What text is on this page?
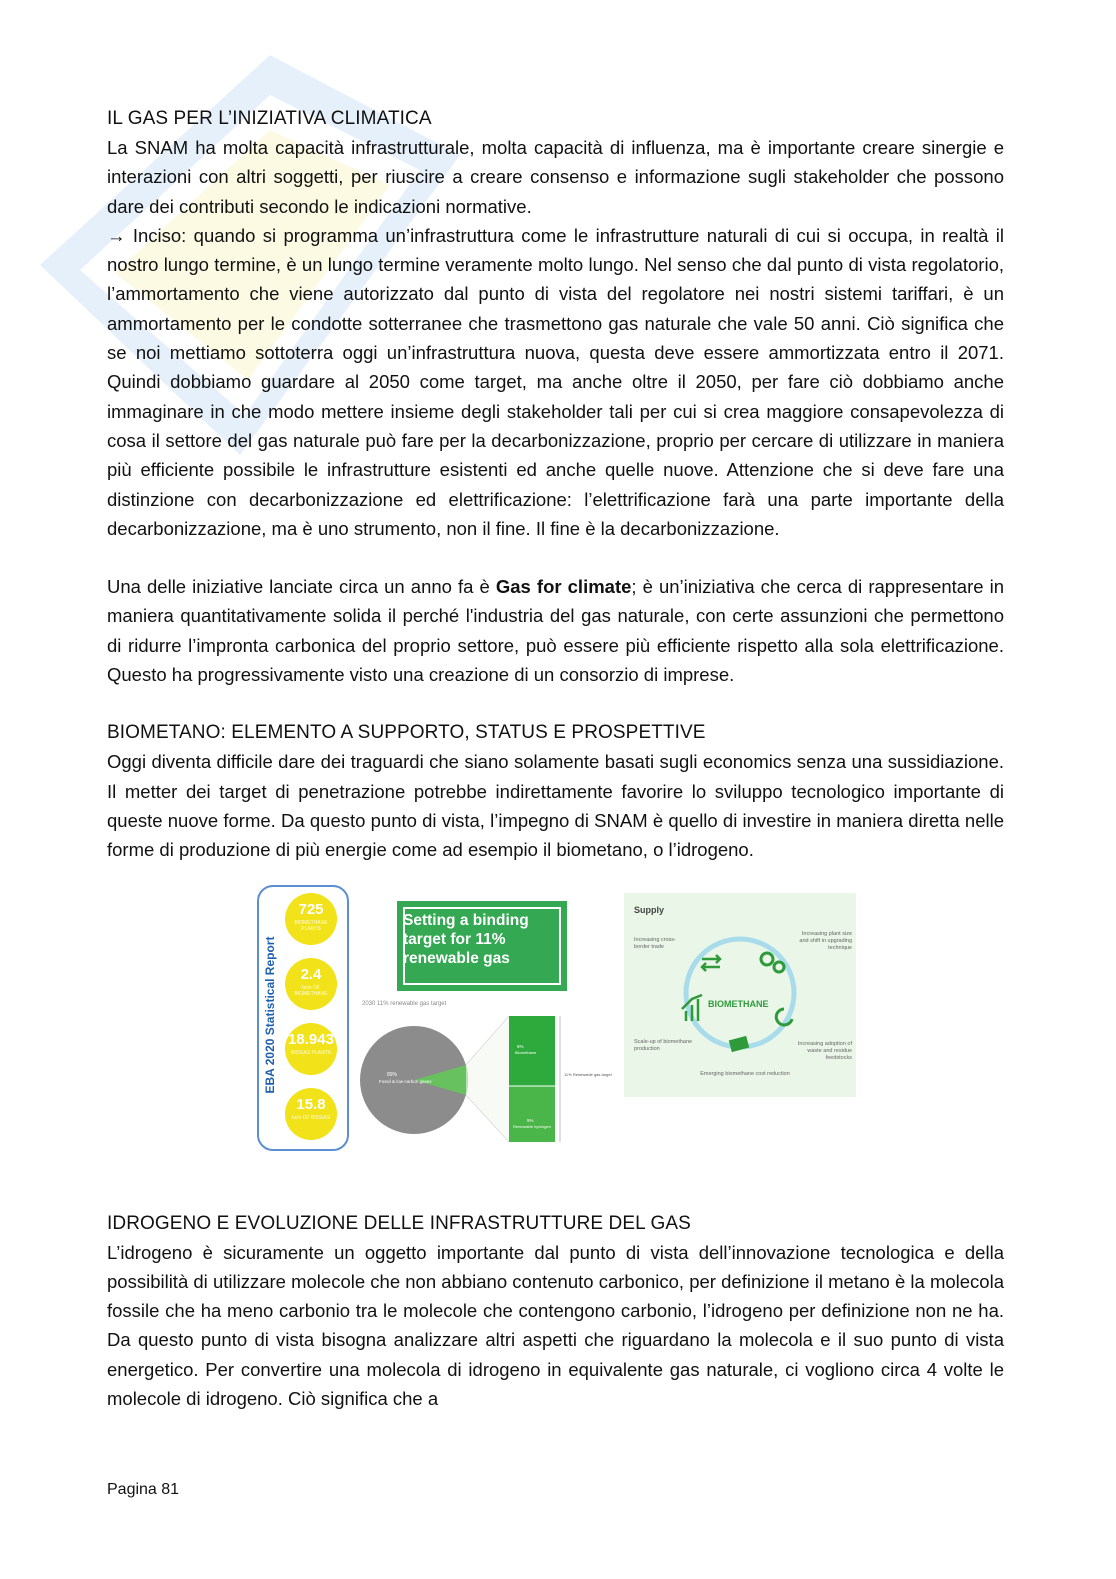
IL GAS PER L’INIZIATIVA CLIMATICA

La SNAM ha molta capacità infrastrutturale, molta capacità di influenza, ma è importante creare sinergie e interazioni con altri soggetti, per riuscire a creare consenso e informazione sugli stakeholder che possono dare dei contributi secondo le indicazioni normative.

→ Inciso: quando si programma un’infrastruttura come le infrastrutture naturali di cui si occupa, in realtà il nostro lungo termine, è un lungo termine veramente molto lungo. Nel senso che dal punto di vista regolatorio, l’ammortamento che viene autorizzato dal punto di vista del regolatore nei nostri sistemi tariffari, è un ammortamento per le condotte sotterranee che trasmettono gas naturale che vale 50 anni. Ciò significa che se noi mettiamo sottoterra oggi un’infrastruttura nuova, questa deve essere ammortizzata entro il 2071. Quindi dobbiamo guardare al 2050 come target, ma anche oltre il 2050, per fare ciò dobbiamo anche immaginare in che modo mettere insieme degli stakeholder tali per cui si crea maggiore consapevolezza di cosa il settore del gas naturale può fare per la decarbonizzazione, proprio per cercare di utilizzare in maniera più efficiente possibile le infrastrutture esistenti ed anche quelle nuove. Attenzione che si deve fare una distinzione con decarbonizzazione ed elettrificazione: l’elettrificazione farà una parte importante della decarbonizzazione, ma è uno strumento, non il fine. Il fine è la decarbonizzazione.

Una delle iniziative lanciate circa un anno fa è Gas for climate; è un’iniziativa che cerca di rappresentare in maniera quantitativamente solida il perché l'industria del gas naturale, con certe assunzioni che permettono di ridurre l’impronta carbonica del proprio settore, può essere più efficiente rispetto alla sola elettrificazione. Questo ha progressivamente visto una creazione di un consorzio di imprese.

BIOMETANO: ELEMENTO A SUPPORTO, STATUS E PROSPETTIVE

Oggi diventa difficile dare dei traguardi che siano solamente basati sugli economics senza una sussidiazione. Il metter dei target di penetrazione potrebbe indirettamente favorire lo sviluppo tecnologico importante di queste nuove forme. Da questo punto di vista, l’impegno di SNAM è quello di investire in maniera diretta nelle forme di produzione di più energie come ad esempio il biometano, o l’idrogeno.

EBA 2020 Statistical Report
725
BIOMETHANE PLANTS
2.4
bcm OF BIOMETHANE
18.943
BIOGAS PLANTS
15.8
bcm OF BIOGAS
Setting a binding
target for 11%
renewable gas
2030 11% renewable gas target
89%
Fossil & low-carbon gases
6%
Biomethane
5%
Renewable hydrogen
11% Renewable gas target
Supply
BIOMETHANE
Increasing cross-border trade
Increasing plant size and shift in upgrading technique
Scale-up of biomethane production
Increasing adoption of waste and residue feedstocks
Emerging biomethane cost reduction
IDROGENO E EVOLUZIONE DELLE INFRASTRUTTURE DEL GAS

L’idrogeno è sicuramente un oggetto importante dal punto di vista dell’innovazione tecnologica e della possibilità di utilizzare molecole che non abbiano contenuto carbonico, per definizione il metano è la molecola fossile che ha meno carbonio tra le molecole che contengono carbonio, l’idrogeno per definizione non ne ha. Da questo punto di vista bisogna analizzare altri aspetti che riguardano la molecola e il suo punto di vista energetico. Per convertire una molecola di idrogeno in equivalente gas naturale, ci vogliono circa 4 volte le molecole di idrogeno. Ciò significa che a

Pagina 81
